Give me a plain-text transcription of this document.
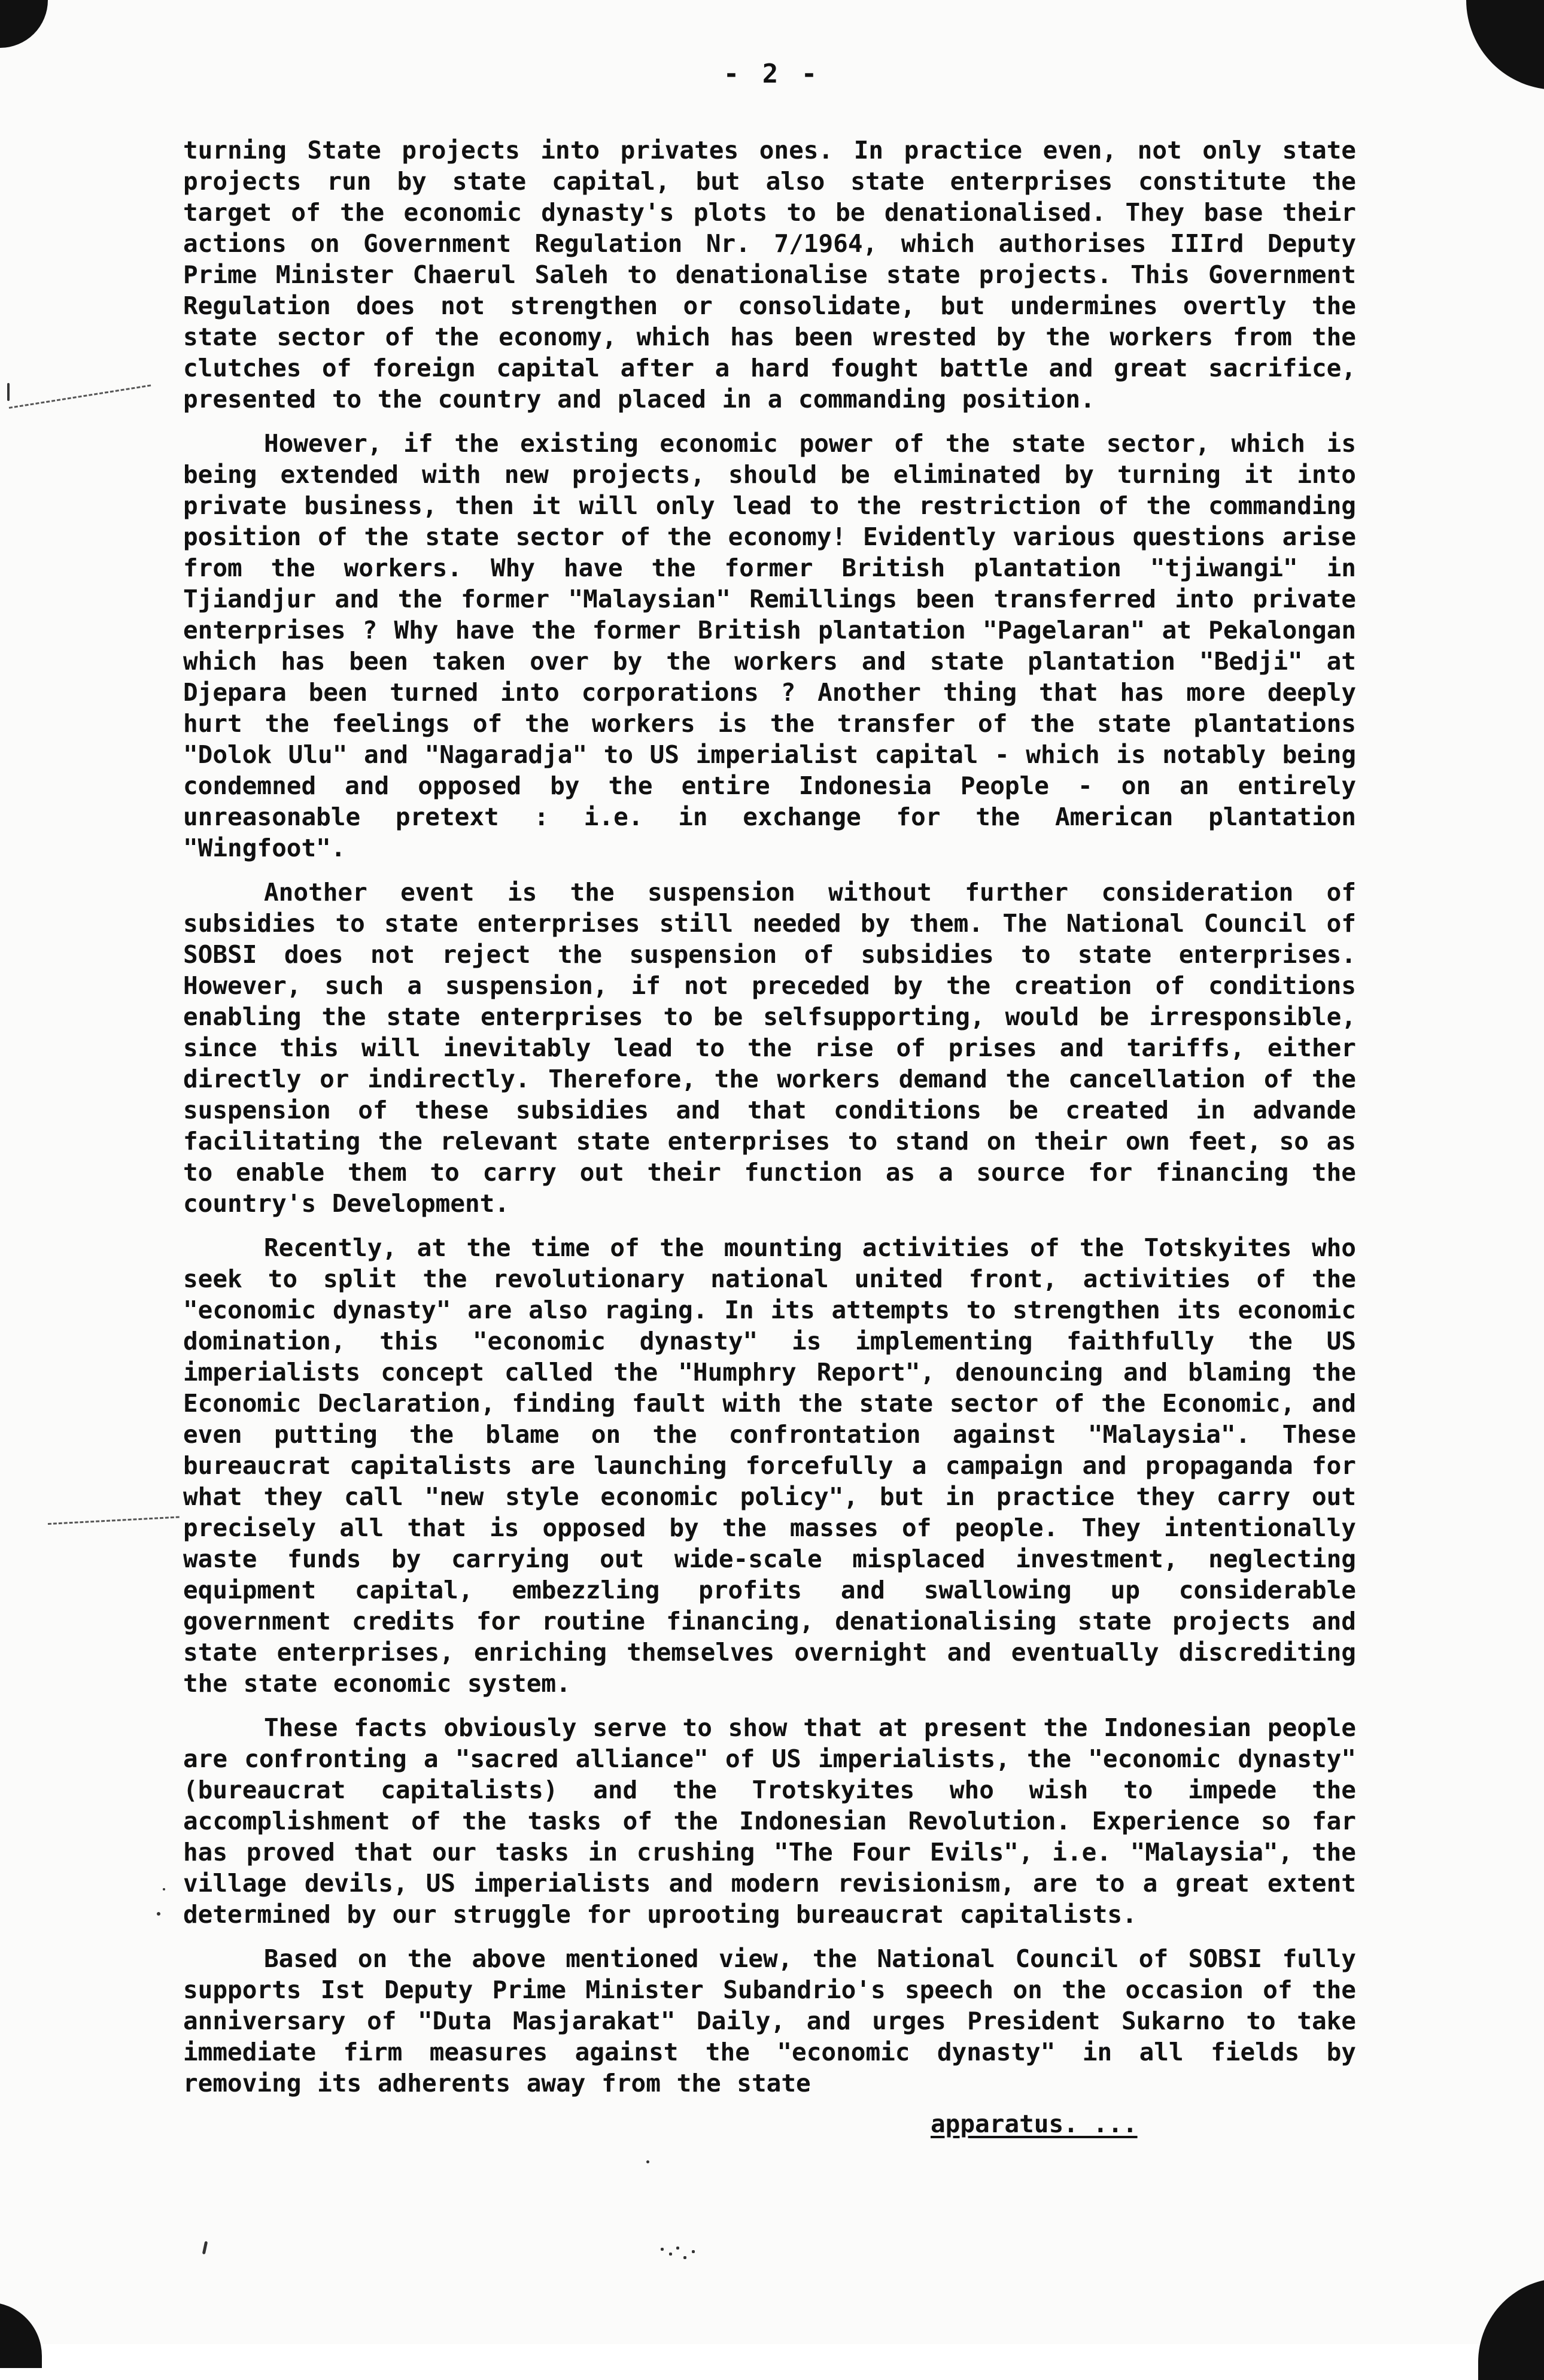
- 2 -

turning State projects into privates ones. In practice even, not only state projects run by state capital, but also state enterprises constitute the target of the economic dynasty's plots to be denationalised. They base their actions on Government Regulation Nr. 7/1964, which authorises IIIrd Deputy Prime Minister Chaerul Saleh to denationalise state projects. This Government Regulation does not strengthen or consolidate, but undermines overtly the state sector of the economy, which has been wrested by the workers from the clutches of foreign capital after a hard fought battle and great sacrifice, presented to the country and placed in a commanding position.

However, if the existing economic power of the state sector, which is being extended with new projects, should be eliminated by turning it into private business, then it will only lead to the restriction of the commanding position of the state sector of the economy! Evidently various questions arise from the workers. Why have the former British plantation "tjiwangi" in Tjiandjur and the former "Malaysian" Remillings been transferred into private enterprises ? Why have the former British plantation "Pagelaran" at Pekalongan which has been taken over by the workers and state plantation "Bedji" at Djepara been turned into corporations ? Another thing that has more deeply hurt the feelings of the workers is the transfer of the state plantations "Dolok Ulu" and "Nagaradja" to US imperialist capital - which is notably being condemned and opposed by the entire Indonesia People - on an entirely unreasonable pretext : i.e. in exchange for the American plantation "Wingfoot".

Another event is the suspension without further consideration of subsidies to state enterprises still needed by them. The National Council of SOBSI does not reject the suspension of subsidies to state enterprises. However, such a suspension, if not preceded by the creation of conditions enabling the state enterprises to be selfsupporting, would be irresponsible, since this will inevitably lead to the rise of prises and tariffs, either directly or indirectly. Therefore, the workers demand the cancellation of the suspension of these subsidies and that conditions be created in advande facilitating the relevant state enterprises to stand on their own feet, so as to enable them to carry out their function as a source for financing the country's Development.

Recently, at the time of the mounting activities of the Totskyites who seek to split the revolutionary national united front, activities of the "economic dynasty" are also raging. In its attempts to strengthen its economic domination, this "economic dynasty" is implementing faithfully the US imperialists concept called the "Humphry Report", denouncing and blaming the Economic Declaration, finding fault with the state sector of the Economic, and even putting the blame on the confrontation against "Malaysia". These bureaucrat capitalists are launching forcefully a campaign and propaganda for what they call "new style economic policy", but in practice they carry out precisely all that is opposed by the masses of people. They intentionally waste funds by carrying out wide-scale misplaced investment, neglecting equipment capital, embezzling profits and swallowing up considerable government credits for routine financing, denationalising state projects and state enterprises, enriching themselves overnight and eventually discrediting the state economic system.

These facts obviously serve to show that at present the Indonesian people are confronting a "sacred alliance" of US imperialists, the "economic dynasty" (bureaucrat capitalists) and the Trotskyites who wish to impede the accomplishment of the tasks of the Indonesian Revolution. Experience so far has proved that our tasks in crushing "The Four Evils", i.e. "Malaysia", the village devils, US imperialists and modern revisionism, are to a great extent determined by our struggle for uprooting bureaucrat capitalists.

Based on the above mentioned view, the National Council of SOBSI fully supports Ist Deputy Prime Minister Subandrio's speech on the occasion of the anniversary of "Duta Masjarakat" Daily, and urges President Sukarno to take immediate firm measures against the "economic dynasty" in all fields by removing its adherents away from the state

apparatus. ...
